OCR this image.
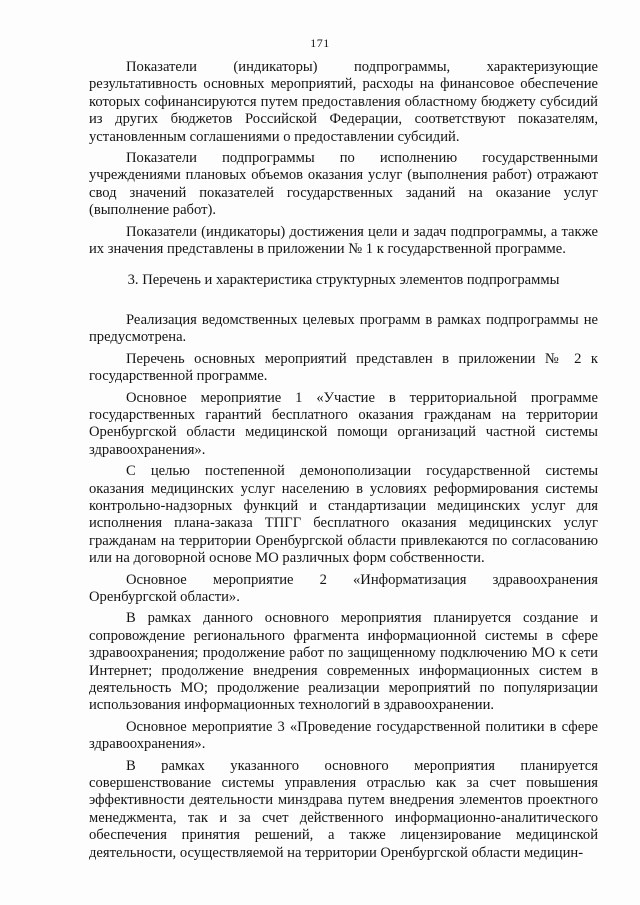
171

Показатели (индикаторы) подпрограммы, характеризующие результативность основных мероприятий, расходы на финансовое обеспечение которых софинансируются путем предоставления областному бюджету субсидий из других бюджетов Российской Федерации, соответствуют показателям, установленным соглашениями о предоставлении субсидий.

Показатели подпрограммы по исполнению государственными учреждениями плановых объемов оказания услуг (выполнения работ) отражают свод значений показателей государственных заданий на оказание услуг (выполнение работ).

Показатели (индикаторы) достижения цели и задач подпрограммы, а также их значения представлены в приложении № 1 к государственной программе.

3. Перечень и характеристика структурных элементов подпрограммы

Реализация ведомственных целевых программ в рамках подпрограммы не предусмотрена.

Перечень основных мероприятий представлен в приложении № 2 к государственной программе.

Основное мероприятие 1 «Участие в территориальной программе государственных гарантий бесплатного оказания гражданам на территории Оренбургской области медицинской помощи организаций частной системы здравоохранения».

С целью постепенной демонополизации государственной системы оказания медицинских услуг населению в условиях реформирования системы контрольно-надзорных функций и стандартизации медицинских услуг для исполнения плана-заказа ТПГГ бесплатного оказания медицинских услуг гражданам на территории Оренбургской области привлекаются по согласованию или на договорной основе МО различных форм собственности.

Основное мероприятие 2 «Информатизация здравоохранения Оренбургской области».

В рамках данного основного мероприятия планируется создание и сопровождение регионального фрагмента информационной системы в сфере здравоохранения; продолжение работ по защищенному подключению МО к сети Интернет; продолжение внедрения современных информационных систем в деятельность МО; продолжение реализации мероприятий по популяризации использования информационных технологий в здравоохранении.

Основное мероприятие 3 «Проведение государственной политики в сфере здравоохранения».

В рамках указанного основного мероприятия планируется совершенствование системы управления отраслью как за счет повышения эффективности деятельности минздрава путем внедрения элементов проектного менеджмента, так и за счет действенного информационно-аналитического обеспечения принятия решений, а также лицензирование медицинской деятельности, осуществляемой на территории Оренбургской области медицин-
